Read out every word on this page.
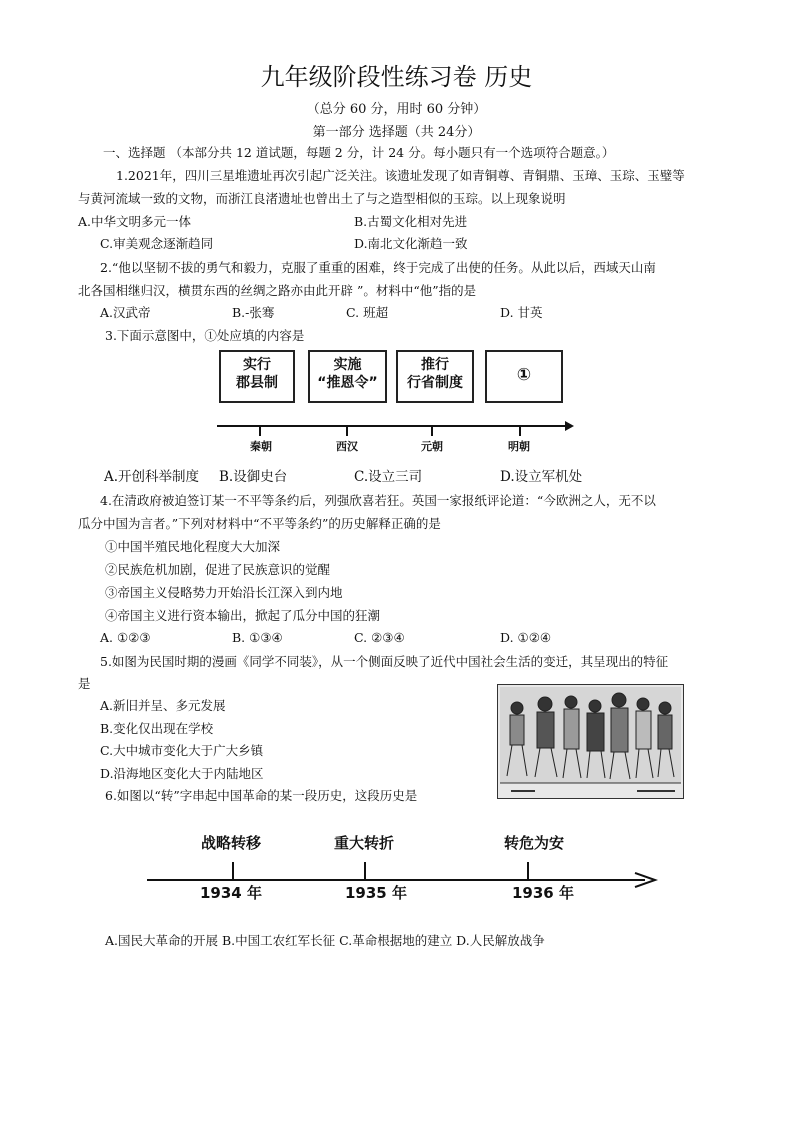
九年级阶段性练习卷 历史
（总分 60 分，用时 60 分钟）
第一部分 选择题（共 24分）
一、选择题 （本部分共 12 道试题，每题 2 分，计 24 分。每小题只有一个选项符合题意。）
1.2021年，四川三星堆遗址再次引起广泛关注。该遗址发现了如青铜尊、青铜鼎、玉璋、玉琮、玉璧等
与黄河流域一致的文物，而浙江良渚遗址也曾出土了与之造型相似的玉琮。以上现象说明
A.中华文明多元一体	B.古蜀文化相对先进
C.审美观念逐渐趋同	D.南北文化渐趋一致
2.“他以坚韧不拔的勇气和毅力，克服了重重的困难，终于完成了出使的任务。从此以后，西域天山南
北各国相继归汉，横贯东西的丝绸之路亦由此开辟 ”。材料中“他”指的是
A.汉武帝	B.-张骞	C. 班超	D. 甘英
3.下面示意图中，①处应填的内容是
实行
郡县制
实施
“推恩令”
推行
行省制度	①
秦朝	西汉	元朝	明朝
A.开创科举制度 B.设御史台	C.设立三司	D.设立军机处
4.在清政府被迫签订某一不平等条约后，列强欣喜若狂。英国一家报纸评论道：“今欧洲之人，无不以
瓜分中国为言者。”下列对材料中“不平等条约”的历史解释正确的是
①中国半殖民地化程度大大加深
②民族危机加剧，促进了民族意识的觉醒
③帝国主义侵略势力开始沿长江深入到内地
④帝国主义进行资本输出，掀起了瓜分中国的狂潮
A. ①②③	B. ①③④	C. ②③④	D. ①②④
5.如图为民国时期的漫画《同学不同装》，从一个侧面反映了近代中国社会生活的变迁，其呈现出的特征
是
A.新旧并呈、多元发展
B.变化仅出现在学校
C.大中城市变化大于广大乡镇
D.沿海地区变化大于内陆地区
6.如图以“转”字串起中国革命的某一段历史，这段历史是
战略转移	重大转折	转危为安
1934 年	1935 年	1936 年
A.国民大革命的开展 B.中国工农红军长征 C.革命根据地的建立 D.人民解放战争
